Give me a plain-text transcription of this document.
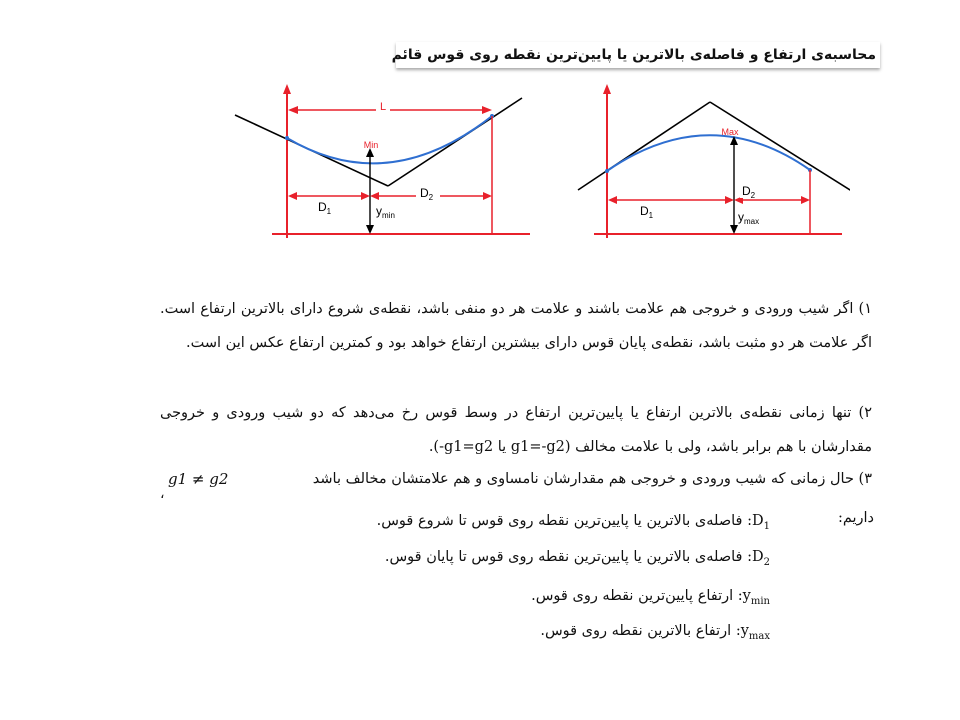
محاسبه‌ی ارتفاع و فاصله‌ی بالاترین یا پایین‌ترین نقطه روی قوس قائم
L
Min
$D_1$
$D_2$
$y_{min}$
Max
$D_1$
$D_2$
$y_{max}$
۱) اگر شیب ورودی و خروجی هم علامت باشند و علامت هر دو منفی باشد، نقطه‌ی شروع دارای بالاترین ارتفاع است. اگر علامت هر دو مثبت باشد، نقطه‌ی پایان قوس دارای بیشترین ارتفاع خواهد بود و کمترین ارتفاع عکس این است.
۲) تنها زمانی نقطه‌ی بالاترین ارتفاع یا پایین‌ترین ارتفاع در وسط قوس رخ می‌دهد که دو شیب ورودی و خروجی مقدارشان با هم برابر باشد، ولی با علامت مخالف (g1=-g2 یا g1=g2-).
۳) حال زمانی که شیب ورودی و خروجی هم مقدارشان نامساوی و هم علامتشان مخالف باشد
g1 ≠ g2
،
داریم:
$D_1$: فاصله‌ی بالاترین یا پایین‌ترین نقطه روی قوس تا شروع قوس.
$D_2$: فاصله‌ی بالاترین یا پایین‌ترین نقطه روی قوس تا پایان قوس.
$y_{min}$: ارتفاع پایین‌ترین نقطه روی قوس.
$y_{max}$: ارتفاع بالاترین نقطه روی قوس.
